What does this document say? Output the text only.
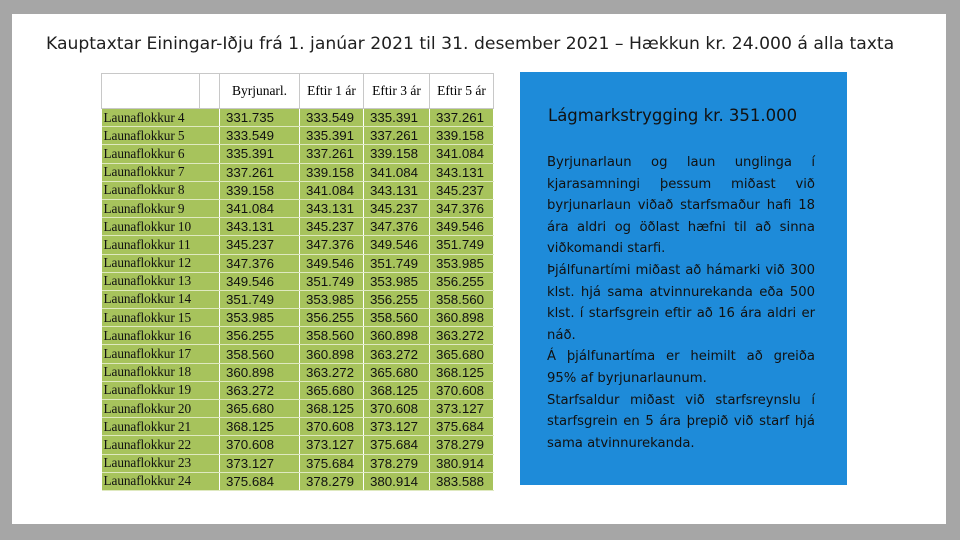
Kauptaxtar Einingar-Iðju frá 1. janúar 2021 til 31. desember 2021 – Hækkun kr. 24.000 á alla taxta
		Byrjunarl.	Eftir 1 ár	Eftir 3 ár	Eftir 5 ár
Launaflokkur 4		331.735	333.549	335.391	337.261
Launaflokkur 5		333.549	335.391	337.261	339.158
Launaflokkur 6		335.391	337.261	339.158	341.084
Launaflokkur 7		337.261	339.158	341.084	343.131
Launaflokkur 8		339.158	341.084	343.131	345.237
Launaflokkur 9		341.084	343.131	345.237	347.376
Launaflokkur 10		343.131	345.237	347.376	349.546
Launaflokkur 11		345.237	347.376	349.546	351.749
Launaflokkur 12		347.376	349.546	351.749	353.985
Launaflokkur 13		349.546	351.749	353.985	356.255
Launaflokkur 14		351.749	353.985	356.255	358.560
Launaflokkur 15		353.985	356.255	358.560	360.898
Launaflokkur 16		356.255	358.560	360.898	363.272
Launaflokkur 17		358.560	360.898	363.272	365.680
Launaflokkur 18		360.898	363.272	365.680	368.125
Launaflokkur 19		363.272	365.680	368.125	370.608
Launaflokkur 20		365.680	368.125	370.608	373.127
Launaflokkur 21		368.125	370.608	373.127	375.684
Launaflokkur 22		370.608	373.127	375.684	378.279
Launaflokkur 23		373.127	375.684	378.279	380.914
Launaflokkur 24		375.684	378.279	380.914	383.588
Lágmarkstrygging kr. 351.000

Byrjunarlaun og laun unglinga í kjarasamningi þessum miðast við byrjunarlaun viðað starfsmaður hafi 18 ára aldri og öðlast hæfni til að sinna viðkomandi starfi.

Þjálfunartími miðast að hámarki við 300 klst. hjá sama atvinnurekanda eða 500 klst. í starfsgrein eftir að 16 ára aldri er náð.

Á þjálfunartíma er heimilt að greiða 95% af byrjunarlaunum.

Starfsaldur miðast við starfsreynslu í starfsgrein en 5 ára þrepið við starf hjá sama atvinnurekanda.
